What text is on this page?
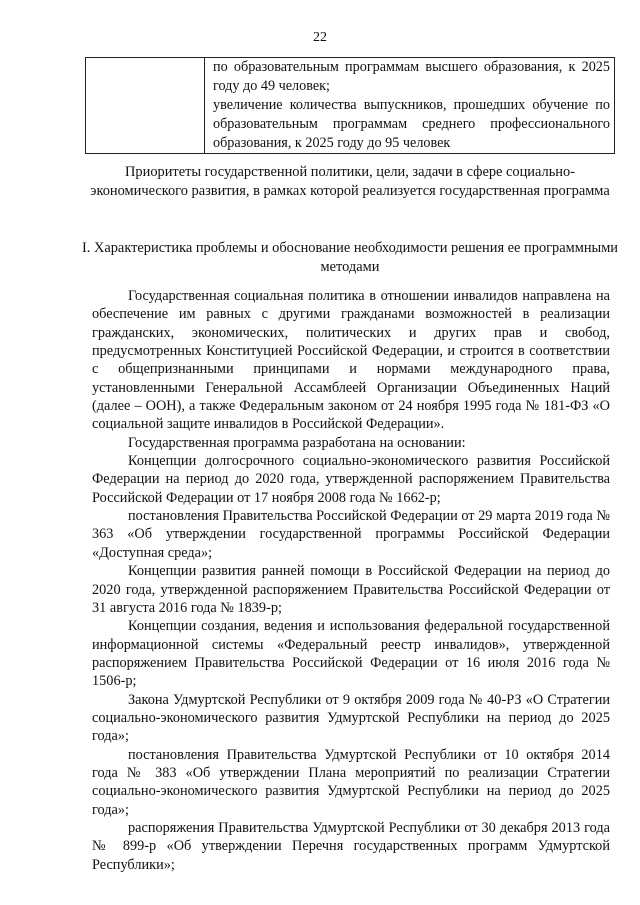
22

по образовательным программам высшего образования, к 2025 году до 49 человек;
увеличение количества выпускников, прошедших обучение по образовательным программам среднего профессионального образования, к 2025 году до 95 человек
Приоритеты государственной политики, цели, задачи в сфере социально-экономического развития, в рамках которой реализуется государственная программа
I. Характеристика проблемы и обоснование необходимости решения ее программными методами

Государственная социальная политика в отношении инвалидов направлена на обеспечение им равных с другими гражданами возможностей в реализации гражданских, экономических, политических и других прав и свобод, предусмотренных Конституцией Российской Федерации, и строится в соответствии с общепризнанными принципами и нормами международного права, установленными Генеральной Ассамблеей Организации Объединенных Наций (далее – ООН), а также Федеральным законом от 24 ноября 1995 года № 181-ФЗ «О социальной защите инвалидов в Российской Федерации».

Государственная программа разработана на основании:

Концепции долгосрочного социально-экономического развития Российской Федерации на период до 2020 года, утвержденной распоряжением Правительства Российской Федерации от 17 ноября 2008 года № 1662-р;

постановления Правительства Российской Федерации от 29 марта 2019 года № 363 «Об утверждении государственной программы Российской Федерации «Доступная среда»;

Концепции развития ранней помощи в Российской Федерации на период до 2020 года, утвержденной распоряжением Правительства Российской Федерации от 31 августа 2016 года № 1839-р;

Концепции создания, ведения и использования федеральной государственной информационной системы «Федеральный реестр инвалидов», утвержденной распоряжением Правительства Российской Федерации от 16 июля 2016 года № 1506-р;

Закона Удмуртской Республики от 9 октября 2009 года № 40-РЗ «О Стратегии социально-экономического развития Удмуртской Республики на период до 2025 года»;

постановления Правительства Удмуртской Республики от 10 октября 2014 года № 383 «Об утверждении Плана мероприятий по реализации Стратегии социально-экономического развития Удмуртской Республики на период до 2025 года»;

распоряжения Правительства Удмуртской Республики от 30 декабря 2013 года № 899-р «Об утверждении Перечня государственных программ Удмуртской Республики»;
